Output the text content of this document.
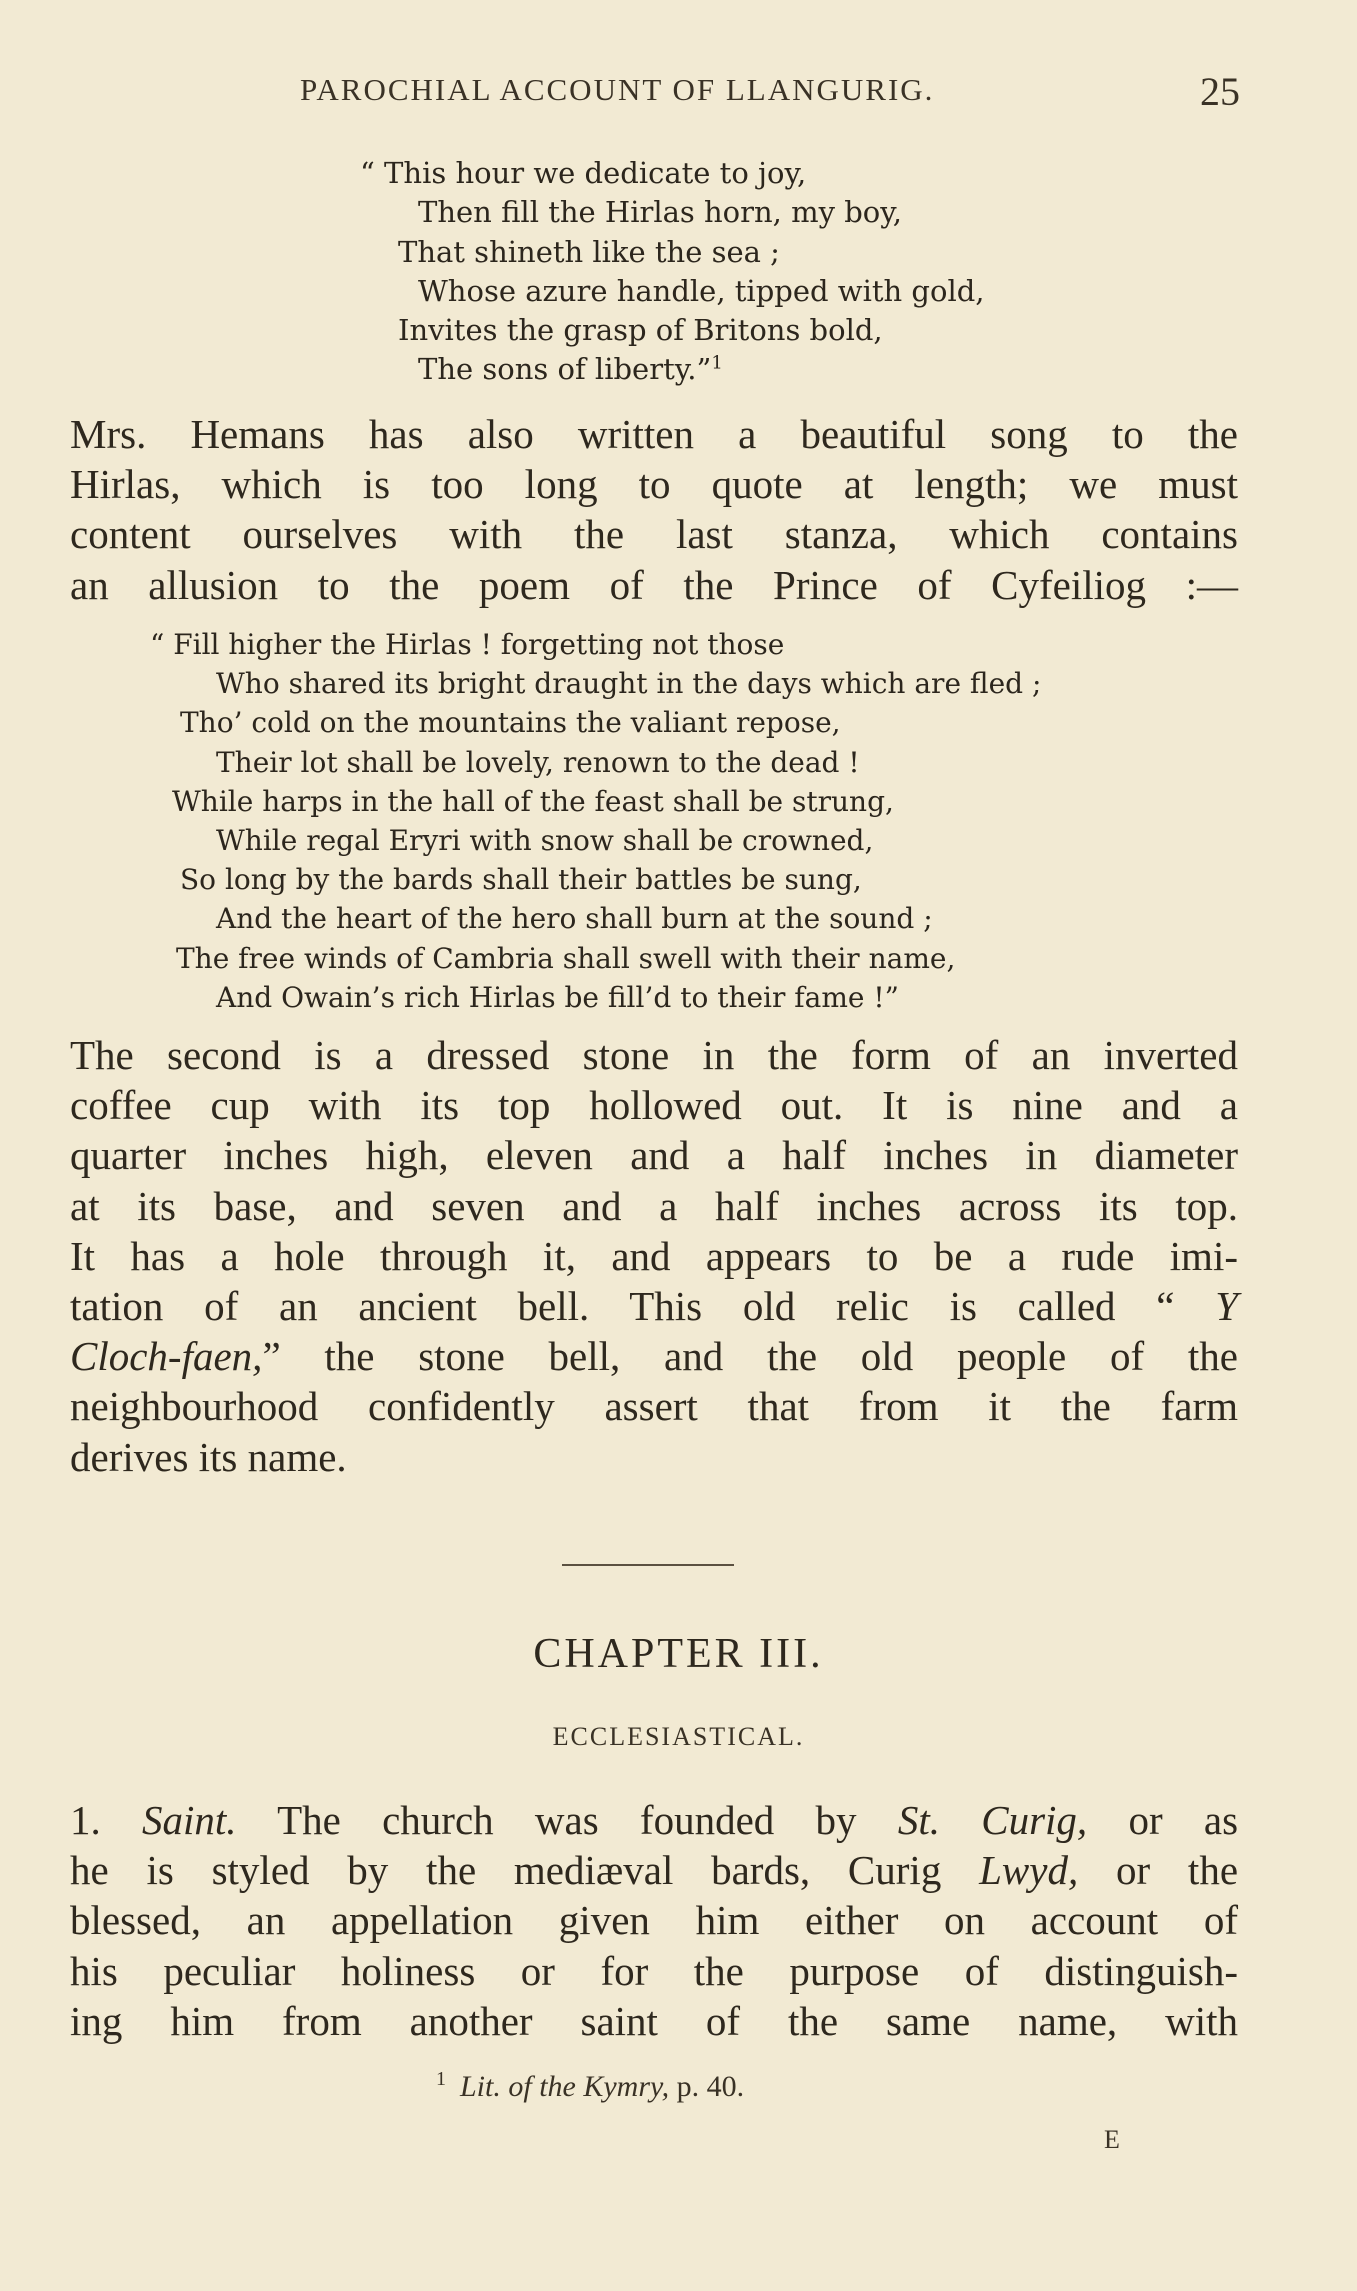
PAROCHIAL ACCOUNT OF LLANGURIG.	25
“ This hour we dedicate to joy,
Then fill the Hirlas horn, my boy,
That shineth like the sea ;
Whose azure handle, tipped with gold,
Invites the grasp of Britons bold,
The sons of liberty.”$^1$
Mrs. Hemans has also written a beautiful song to the
Hirlas, which is too long to quote at length; we must
content ourselves with the last stanza, which contains
an allusion to the poem of the Prince of Cyfeiliog :—
“ Fill higher the Hirlas ! forgetting not those
Who shared its bright draught in the days which are fled ;
Tho’ cold on the mountains the valiant repose,
Their lot shall be lovely, renown to the dead !
While harps in the hall of the feast shall be strung,
While regal Eryri with snow shall be crowned,
So long by the bards shall their battles be sung,
And the heart of the hero shall burn at the sound ;
The free winds of Cambria shall swell with their name,
And Owain’s rich Hirlas be fill’d to their fame !”
The second is a dressed stone in the form of an inverted
coffee cup with its top hollowed out. It is nine and a
quarter inches high, eleven and a half inches in diameter
at its base, and seven and a half inches across its top.
It has a hole through it, and appears to be a rude imi-
tation of an ancient bell. This old relic is called “ Y
Cloch-faen,” the stone bell, and the old people of the
neighbourhood confidently assert that from it the farm
derives its name.
CHAPTER III.
ECCLESIASTICAL.
1. Saint. The church was founded by St. Curig, or as
he is styled by the mediæval bards, Curig Lwyd, or the
blessed, an appellation given him either on account of
his peculiar holiness or for the purpose of distinguish-
ing him from another saint of the same name, with
$^1$ Lit. of the Kymry, p. 40.
E
